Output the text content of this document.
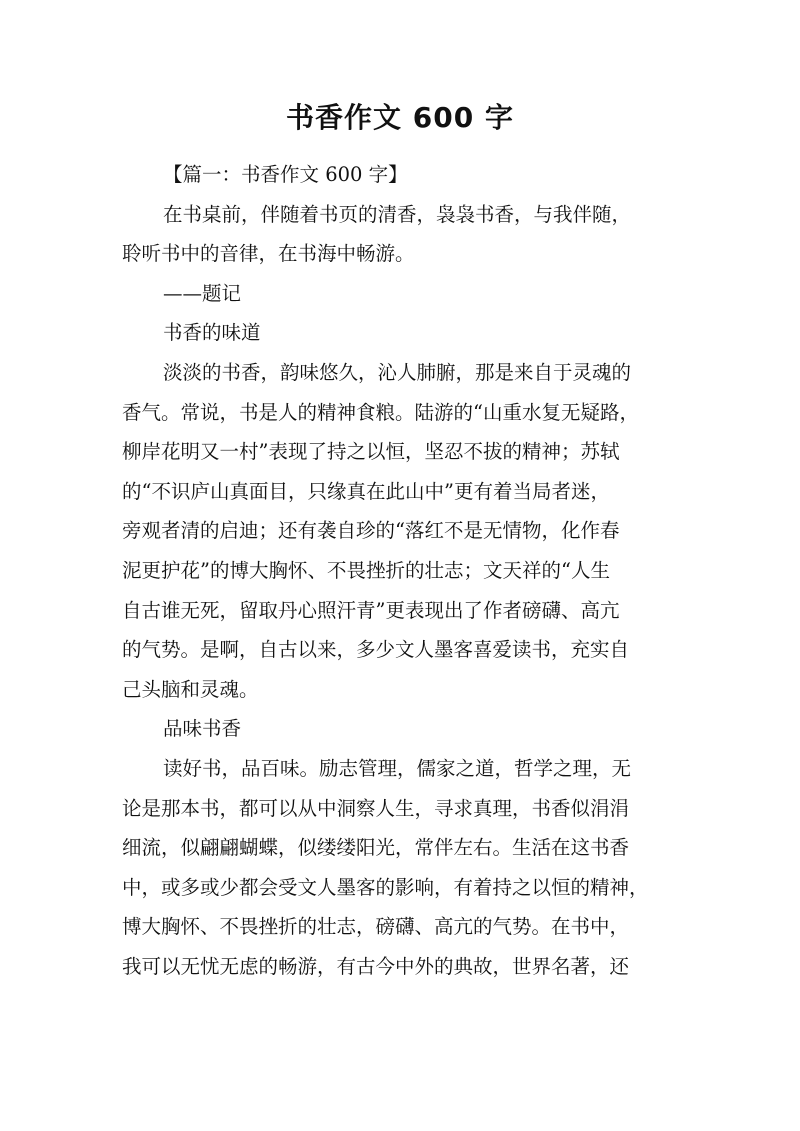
书香作文 600 字
【篇一：书香作文 600 字】
在书桌前，伴随着书页的清香，袅袅书香，与我伴随，
聆听书中的音律，在书海中畅游。
——题记
书香的味道
淡淡的书香，韵味悠久，沁人肺腑，那是来自于灵魂的
香气。常说，书是人的精神食粮。陆游的“山重水复无疑路，
柳岸花明又一村”表现了持之以恒，坚忍不拔的精神；苏轼
的“不识庐山真面目，只缘真在此山中”更有着当局者迷，
旁观者清的启迪；还有袭自珍的“落红不是无情物，化作春
泥更护花”的博大胸怀、不畏挫折的壮志；文天祥的“人生
自古谁无死，留取丹心照汗青”更表现出了作者磅礴、高亢
的气势。是啊，自古以来，多少文人墨客喜爱读书，充实自
己头脑和灵魂。
品味书香
读好书，品百味。励志管理，儒家之道，哲学之理，无
论是那本书，都可以从中洞察人生，寻求真理，书香似涓涓
细流，似翩翩蝴蝶，似缕缕阳光，常伴左右。生活在这书香
中，或多或少都会受文人墨客的影响，有着持之以恒的精神，
博大胸怀、不畏挫折的壮志，磅礴、高亢的气势。在书中，
我可以无忧无虑的畅游，有古今中外的典故，世界名著，还
